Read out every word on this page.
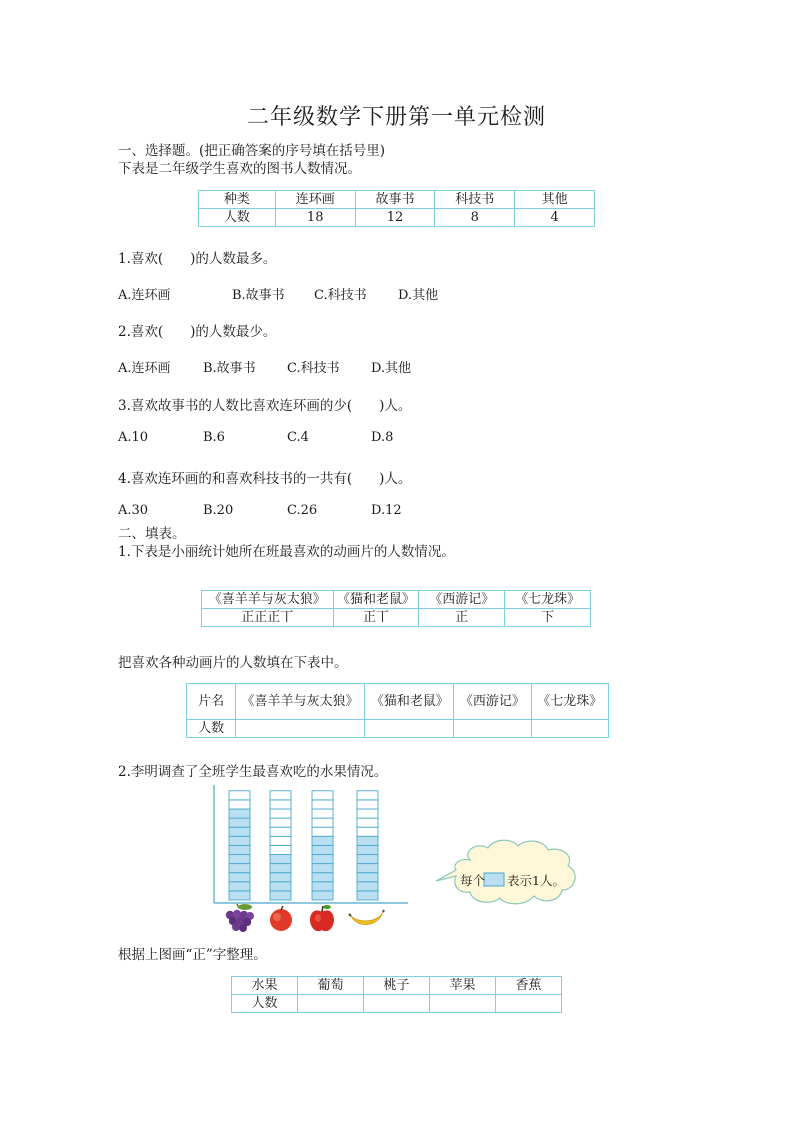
二年级数学下册第一单元检测
一、选择题。(把正确答案的序号填在括号里)
下表是二年级学生喜欢的图书人数情况。
种类	连环画	故事书	科技书	其他
人数	18	12	8	4
1.喜欢(　　)的人数最多。
A.连环画	B.故事书 C.科技书 D.其他
2.喜欢(　　)的人数最少。
A.连环画 B.故事书 C.科技书 D.其他
3.喜欢故事书的人数比喜欢连环画的少(　　)人。
A.10	B.6	C.4	D.8
4.喜欢连环画的和喜欢科技书的一共有(　　)人。
A.30	B.20	C.26	D.12
二、填表。
1.下表是小丽统计她所在班最喜欢的动画片的人数情况。
《喜羊羊与灰太狼》	《猫和老鼠》	《西游记》	《七龙珠》
正正正丅	正丅	正	下
把喜欢各种动画片的人数填在下表中。
片名	《喜羊羊与灰太狼》	《猫和老鼠》	《西游记》	《七龙珠》
人数				
2.李明调查了全班学生最喜欢吃的水果情况。
每个 表示1人。
根据上图画“正”字整理。
水果	葡萄	桃子	苹果	香蕉
人数				
